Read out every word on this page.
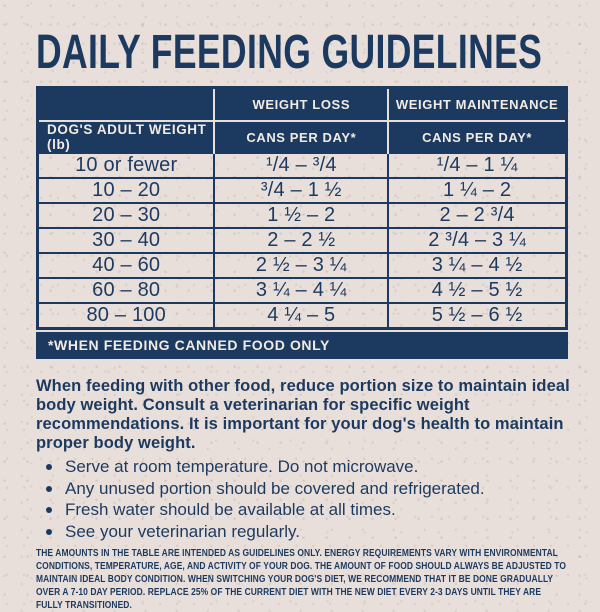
DAILY FEEDING GUIDELINES
	WEIGHT LOSS	WEIGHT MAINTENANCE
DOG'S ADULT WEIGHT (lb)	CANS PER DAY*	CANS PER DAY*
10 or fewer	¹/4 – ³/4	¹/4 – 1 ¼
10 – 20	³/4 – 1 ½	1 ¼ – 2
20 – 30	1 ½ – 2	2 – 2 ³/4
30 – 40	2 – 2 ½	2 ³/4 – 3 ¼
40 – 60	2 ½ – 3 ¼	3 ¼ – 4 ½
60 – 80	3 ¼ – 4 ¼	4 ½ – 5 ½
80 – 100	4 ¼ – 5	5 ½ – 6 ½
*WHEN FEEDING CANNED FOOD ONLY

When feeding with other food, reduce portion size to maintain ideal body weight. Consult a veterinarian for specific weight recommendations. It is important for your dog's health to maintain proper body weight.

Serve at room temperature. Do not microwave.
Any unused portion should be covered and refrigerated.
Fresh water should be available at all times.
See your veterinarian regularly.
THE AMOUNTS IN THE TABLE ARE INTENDED AS GUIDELINES ONLY. ENERGY REQUIREMENTS VARY WITH ENVIRONMENTAL CONDITIONS, TEMPERATURE, AGE, AND ACTIVITY OF YOUR DOG. THE AMOUNT OF FOOD SHOULD ALWAYS BE ADJUSTED TO MAINTAIN IDEAL BODY CONDITION. WHEN SWITCHING YOUR DOG'S DIET, WE RECOMMEND THAT IT BE DONE GRADUALLY OVER A 7-10 DAY PERIOD. REPLACE 25% OF THE CURRENT DIET WITH THE NEW DIET EVERY 2-3 DAYS UNTIL THEY ARE FULLY TRANSITIONED.
